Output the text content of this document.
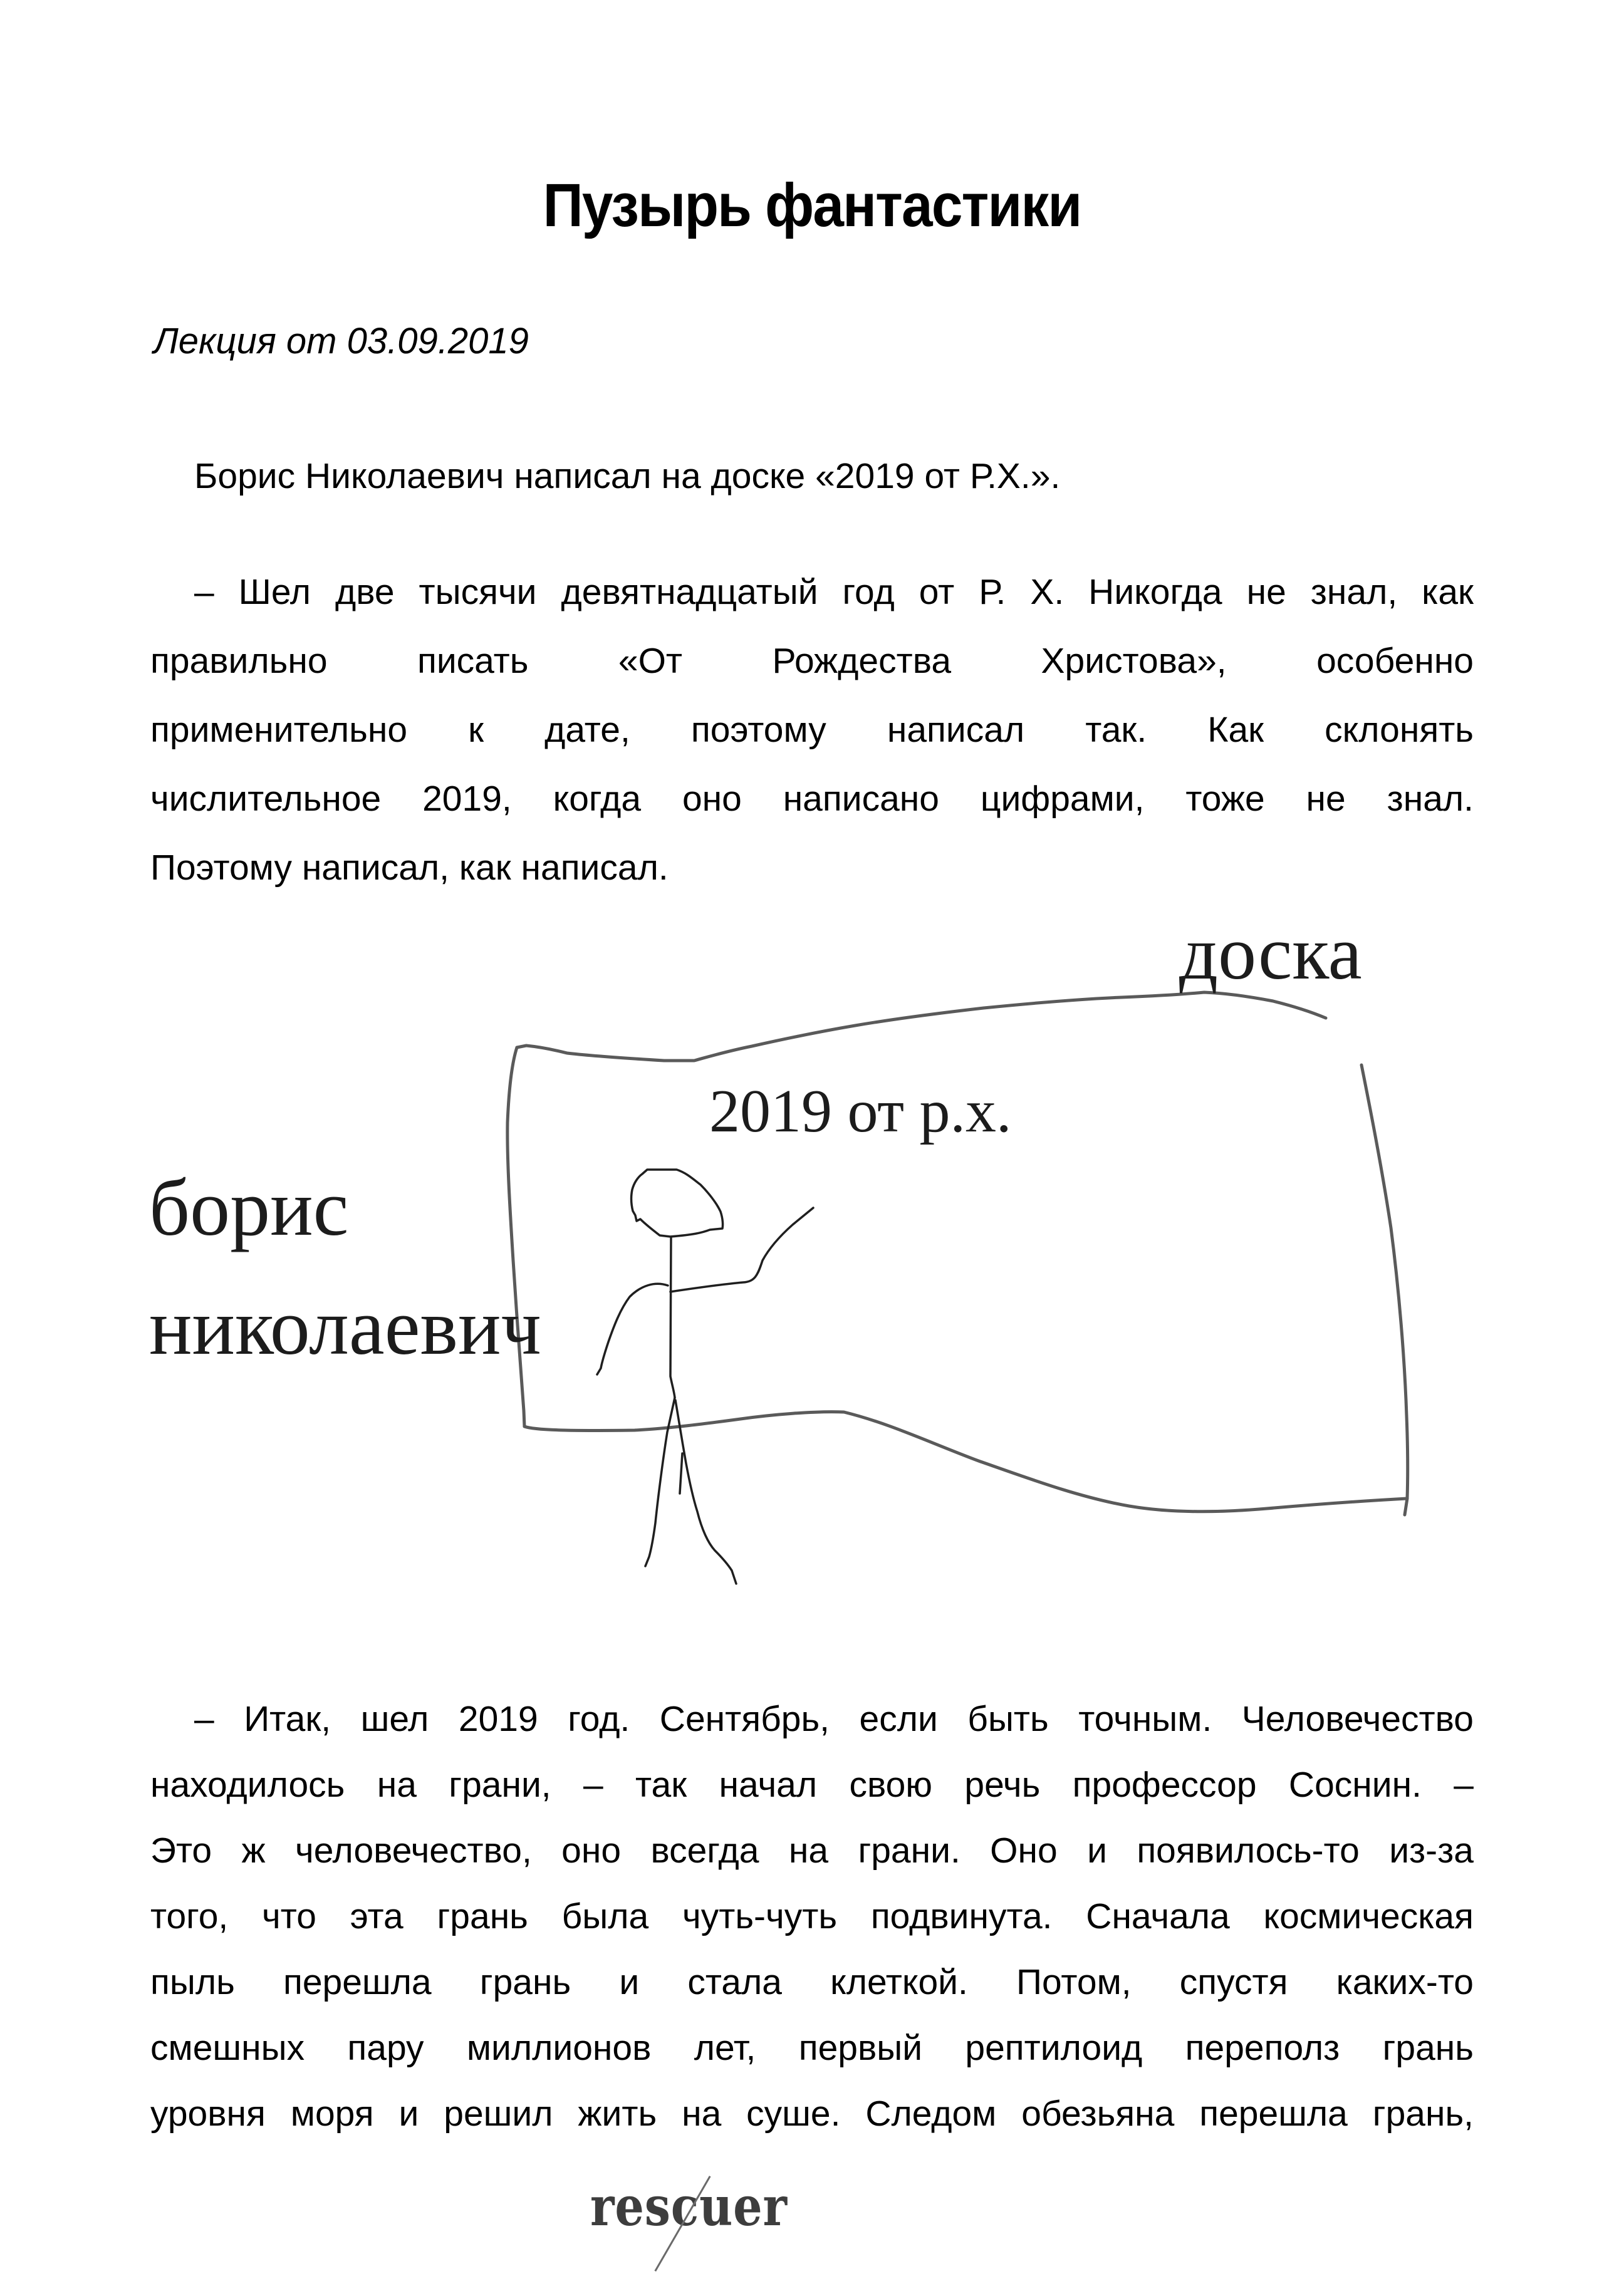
Пузырь фантастики
Лекция от 03.09.2019
Борис Николаевич написал на доске «2019 от Р.Х.».
– Шел две тысячи девятнадцатый год от Р. Х. Никогда не знал, как
правильно писать «От Рождества Христова», особенно
применительно к дате, поэтому написал так. Как склонять
числительное 2019, когда оно написано цифрами, тоже не знал.
Поэтому написал, как написал.
доска
2019 от р.х.
борис
николаевич
– Итак, шел 2019 год. Сентябрь, если быть точным. Человечество
находилось на грани, – так начал свою речь профессор Соснин. –
Это ж человечество, оно всегда на грани. Оно и появилось-то из-за
того, что эта грань была чуть-чуть подвинута. Сначала космическая
пыль перешла грань и стала клеткой. Потом, спустя каких-то
смешных пару миллионов лет, первый рептилоид переполз грань
уровня моря и решил жить на суше. Следом обезьяна перешла грань,
rescuer
